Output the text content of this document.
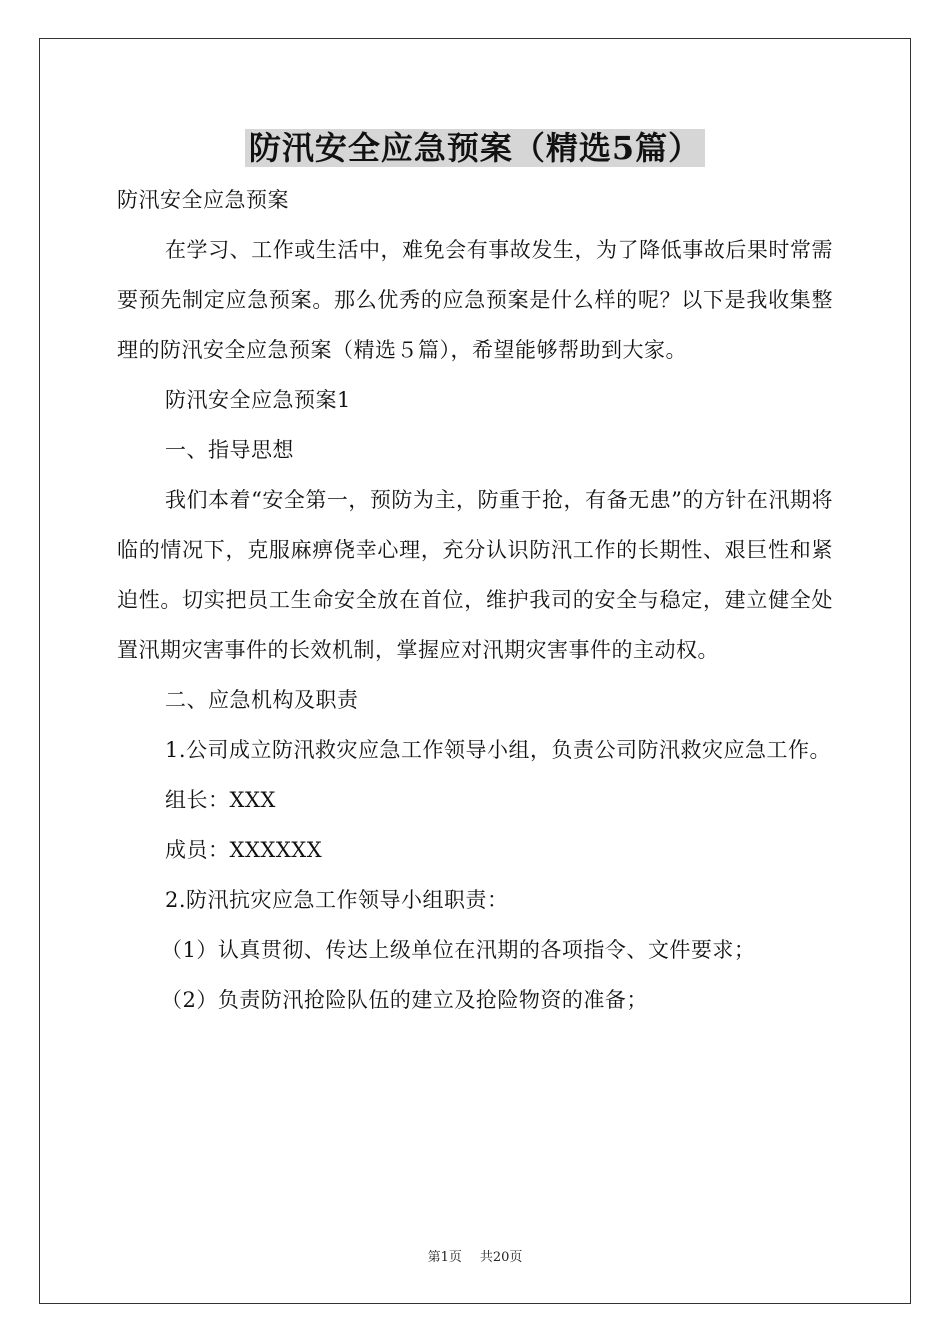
防汛安全应急预案（精选5篇）

防汛安全应急预案

在学习、工作或生活中，难免会有事故发生，为了降低事故后果时常需要预先制定应急预案。那么优秀的应急预案是什么样的呢？以下是我收集整理的防汛安全应急预案（精选５篇），希望能够帮助到大家。

防汛安全应急预案1

一、指导思想

我们本着“安全第一，预防为主，防重于抢，有备无患”的方针在汛期将临的情况下，克服麻痹侥幸心理，充分认识防汛工作的长期性、艰巨性和紧迫性。切实把员工生命安全放在首位，维护我司的安全与稳定，建立健全处置汛期灾害事件的长效机制，掌握应对汛期灾害事件的主动权。

二、应急机构及职责

1.公司成立防汛救灾应急工作领导小组，负责公司防汛救灾应急工作。

组长：XXX

成员：XXXXXX

2.防汛抗灾应急工作领导小组职责：

（1）认真贯彻、传达上级单位在汛期的各项指令、文件要求；

（2）负责防汛抢险队伍的建立及抢险物资的准备；

第1页 共20页
